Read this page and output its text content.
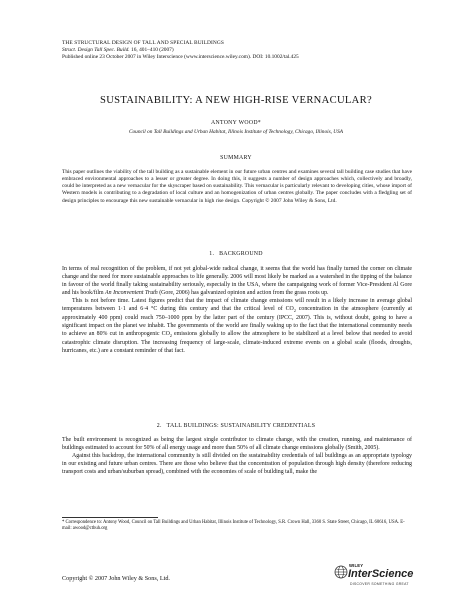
THE STRUCTURAL DESIGN OF TALL AND SPECIAL BUILDINGS
Struct. Design Tall Spec. Build. 16, 401–410 (2007)
Published online 23 October 2007 in Wiley Interscience (www.interscience.wiley.com). DOI: 10.1002/tal.425
SUSTAINABILITY: A NEW HIGH-RISE VERNACULAR?
ANTONY WOOD*
Council on Tall Buildings and Urban Habitat, Illinois Institute of Technology, Chicago, Illinois, USA
SUMMARY
This paper outlines the viability of the tall building as a sustainable element in our future urban centres and examines several tall building case studies that have embraced environmental approaches to a lesser or greater degree. In doing this, it suggests a number of design approaches which, collectively and broadly, could be interpreted as a new vernacular for the skyscraper based on sustainability. This vernacular is particularly relevant to developing cities, whose import of Western models is contributing to a degradation of local culture and an homogenization of urban centres globally. The paper concludes with a fledgling set of design principles to encourage this new sustainable vernacular in high rise design. Copyright © 2007 John Wiley & Sons, Ltd.
1.   BACKGROUND

In terms of real recognition of the problem, if not yet global-wide radical change, it seems that the world has finally turned the corner on climate change and the need for more sustainable approaches to life generally. 2006 will most likely be marked as a watershed in the tipping of the balance in favour of the world finally taking sustainability seriously, especially in the USA, where the campaigning work of former Vice-President Al Gore and his book/film An Inconvenient Truth (Gore, 2006) has galvanized opinion and action from the grass roots up.

This is not before time. Latest figures predict that the impact of climate change emissions will result in a likely increase in average global temperatures between 1·1 and 6·4 °C during this century and that the critical level of $CO_2$ concentration in the atmosphere (currently at approximately 400 ppm) could reach 750–1000 ppm by the latter part of the century (IPCC, 2007). This is, without doubt, going to have a significant impact on the planet we inhabit. The governments of the world are finally waking up to the fact that the international community needs to achieve an 80% cut in anthropogenic $CO_2$ emissions globally to allow the atmosphere to be stabilized at a level below that needed to avoid catastrophic climate disruption. The increasing frequency of large-scale, climate-induced extreme events on a global scale (floods, droughts, hurricanes, etc.) are a constant reminder of that fact.

2.   TALL BUILDINGS: SUSTAINABILITY CREDENTIALS

The built environment is recognized as being the largest single contributor to climate change, with the creation, running, and maintenance of buildings estimated to account for 50% of all energy usage and more than 50% of all climate change emissions globally (Smith, 2005).

Against this backdrop, the international community is still divided on the sustainability credentials of tall buildings as an appropriate typology in our existing and future urban centres. There are those who believe that the concentration of population through high density (therefore reducing transport costs and urban/suburban spread), combined with the economies of scale of building tall, make the

* Correspondence to: Antony Wood, Council on Tall Buildings and Urban Habitat, Illinois Institute of Technology, S.R. Crown Hall, 3360 S. State Street, Chicago, IL 60616, USA. E-mail: awood@ctbuh.org
Copyright © 2007 John Wiley & Sons, Ltd.
WILEY
InterScience
DISCOVER SOMETHING GREAT
